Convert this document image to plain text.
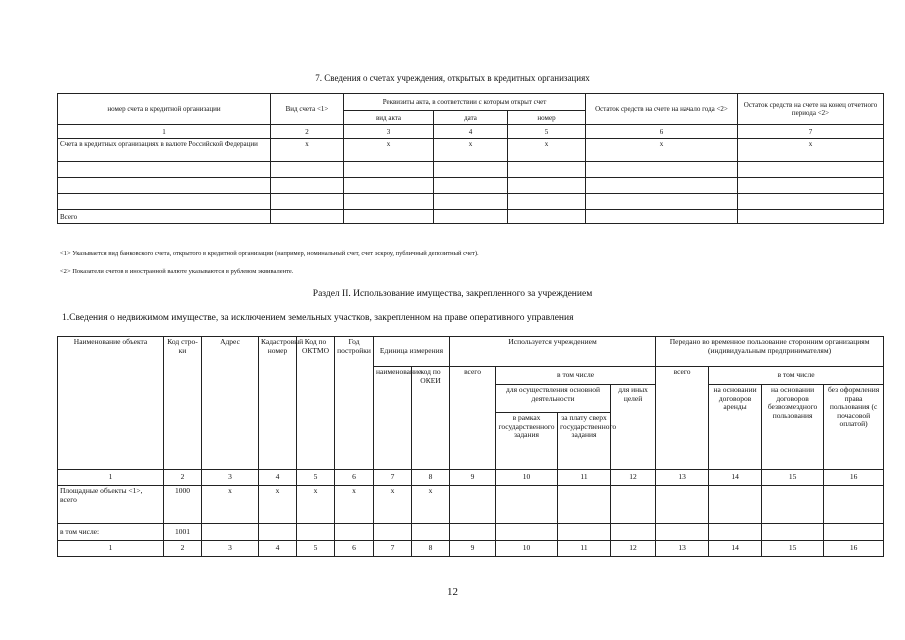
7. Сведения о счетах учреждения, открытых в кредитных организациях
номер счета в кредитной организации	Вид счета <1>	Реквизиты акта, в соответствии с которым открыт счет			Остаток средств на счете на начало года <2>	Остаток средств на счете на конец отчетного периода <2>
		вид акта	дата	номер		
1	2	3	4	5	6	7
Счета в кредитных организациях в валюте Российской Федерации	x	x	x	x	x	x

Всего						
<1> Указывается вид банковского счета, открытого в кредитной организации (например, номинальный счет, счет эскроу, публичный депозитный счет).
<2> Показатели счетов в иностранной валюте указываются в рублевом эквиваленте.
Раздел II. Использование имущества, закрепленного за учреждением
1.Сведения о недвижимом имуществе, за исключением земельных участков, закрепленном на праве оперативного управления
Наименование объекта	Код стро-ки	Адрес	Кадастровый номер	Код по ОКТМО	Год постройки	Единица измерения		Используется учреждением				Передано во временное пользование сторонним организациям (индивидуальным предпринимателям)			
						наименование	код по ОКЕИ	всего	в том числе			всего	в том числе		
									для осуществления основной деятельности		для иных целей		на основании договоров аренды	на основании договоров безвозмездного пользования	без оформления права пользования (с почасовой оплатой)
									в рамках государственного задания	за плату сверх государственного задания					
1	2	3	4	5	6	7	8	9	10	11	12	13	14	15	16
Площадные объекты <1>, всего	1000	x	x	x	x	x	x								
в том числе:	1001														
1	2	3	4	5	6	7	8	9	10	11	12	13	14	15	16
12
